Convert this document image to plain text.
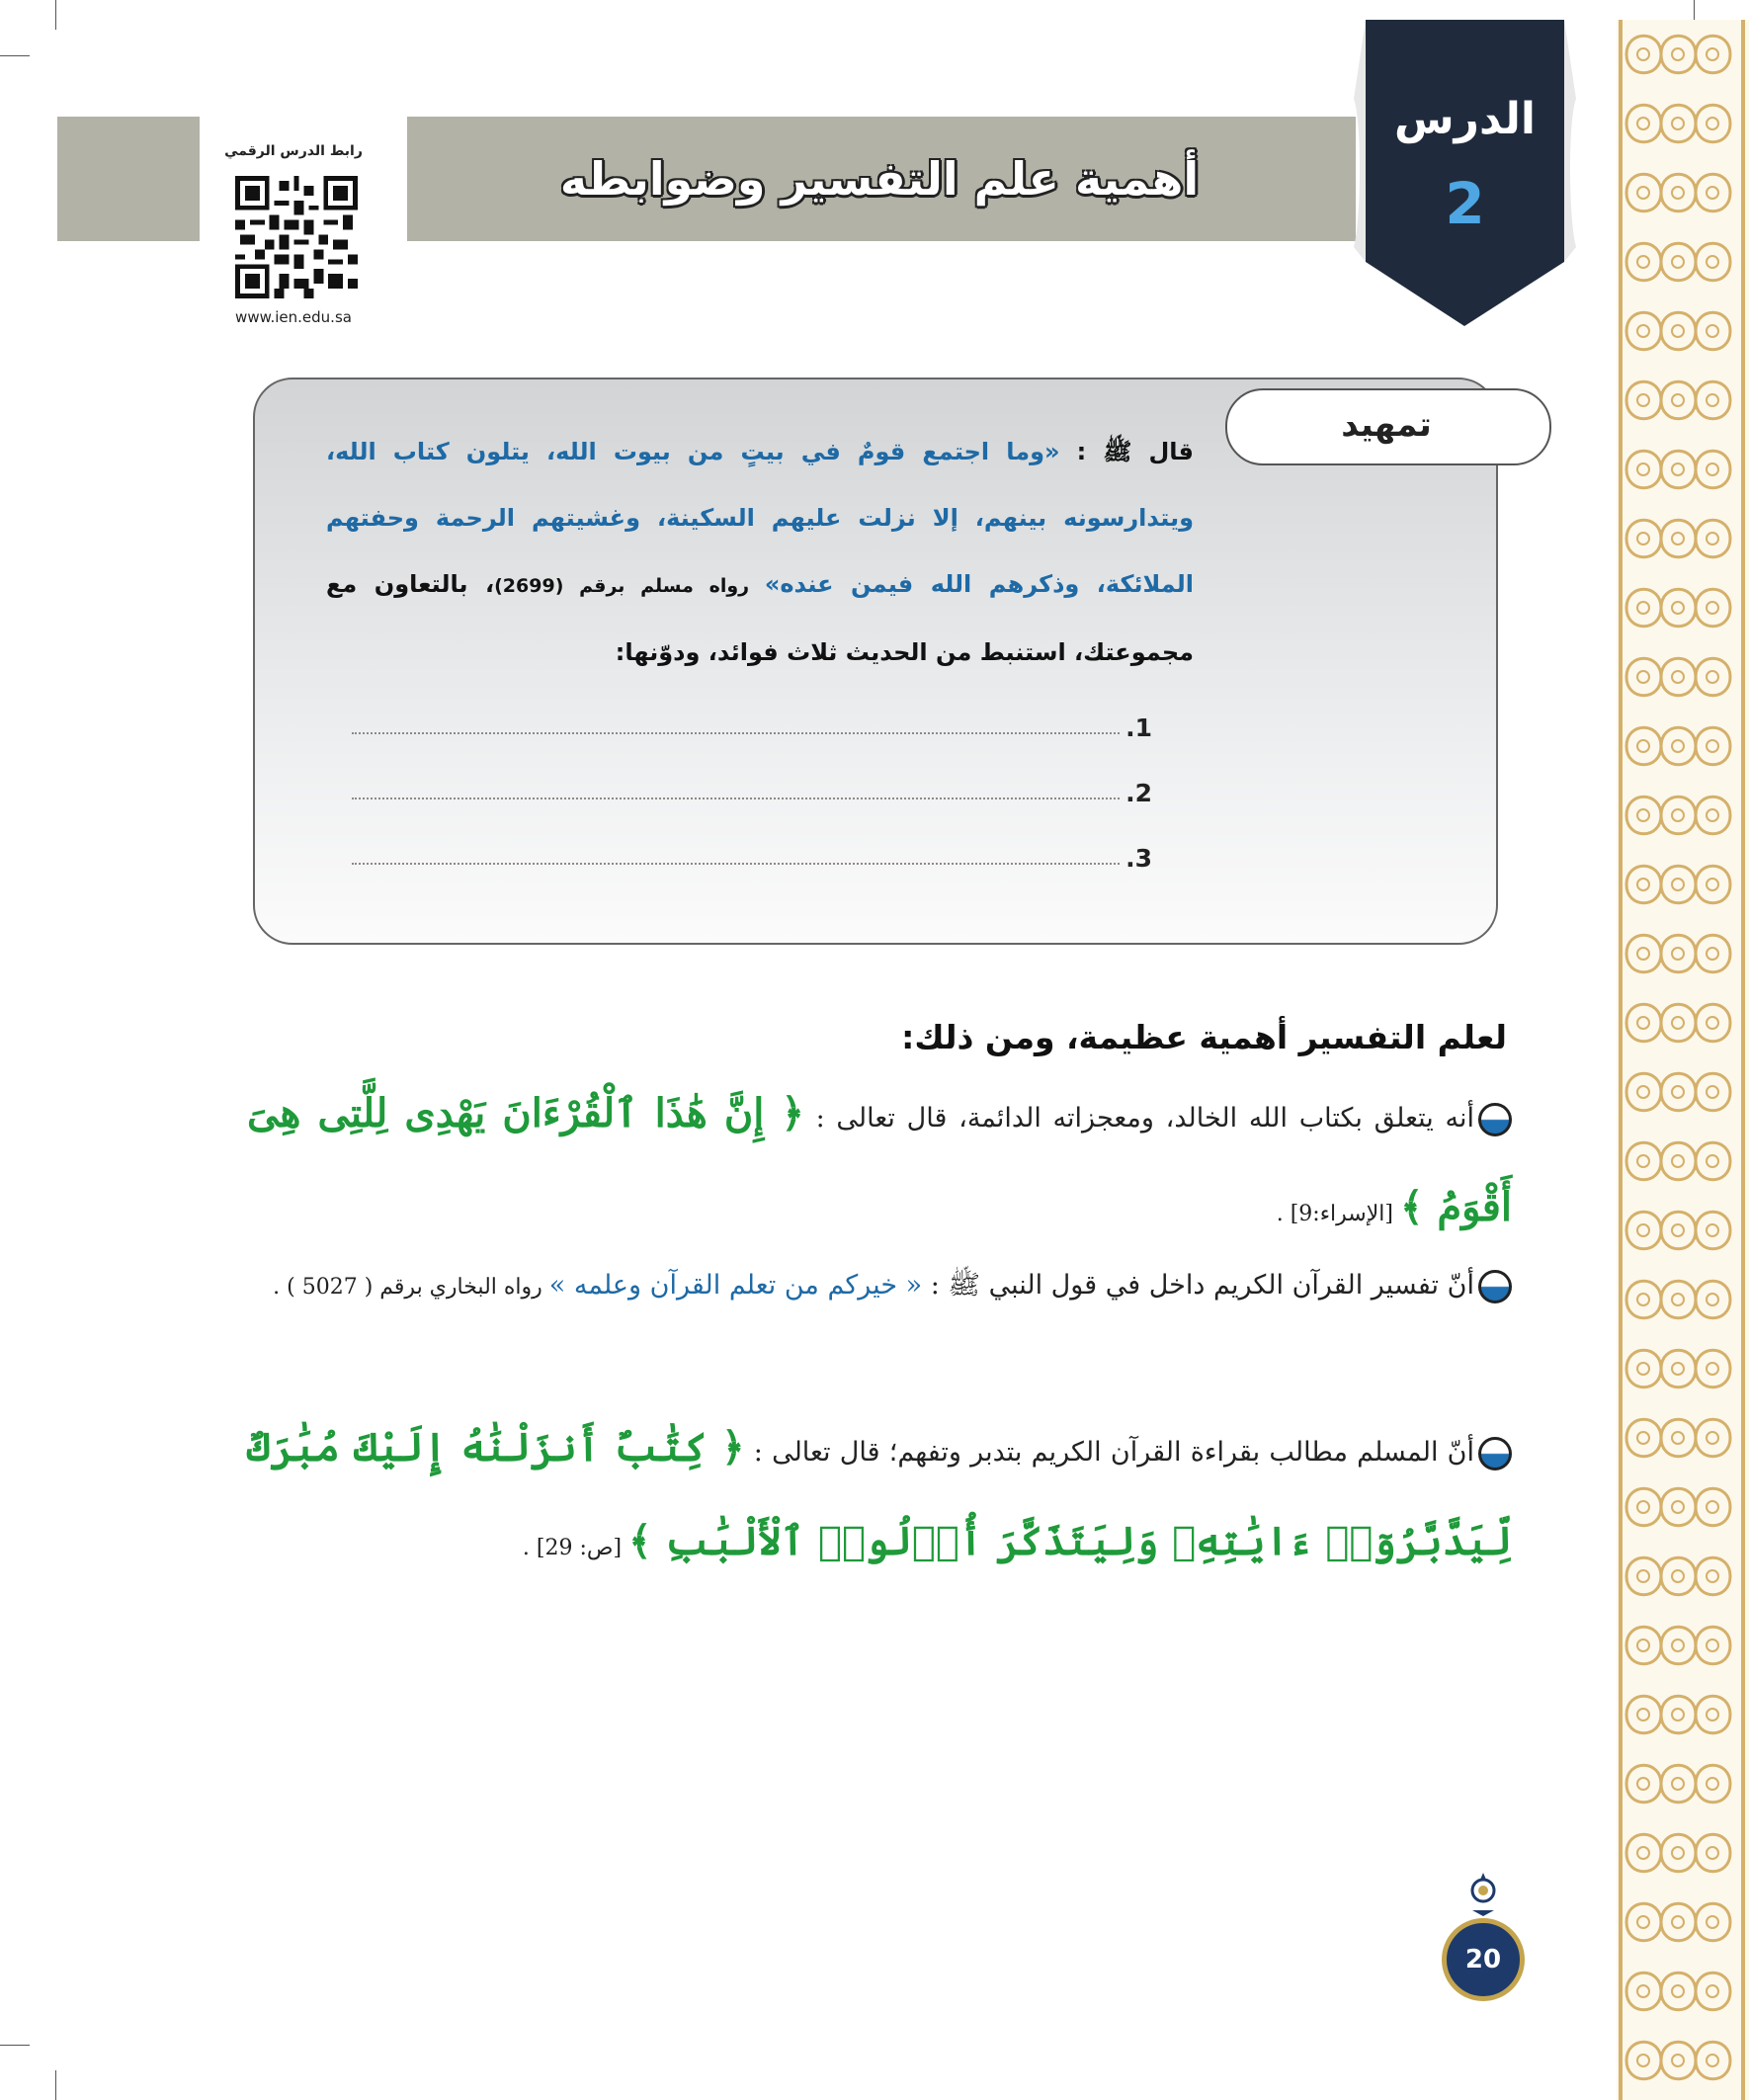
أهمية علم التفسير وضوابطه
الدرس
2
رابط الدرس الرقمي
www.ien.edu.sa
تمهيد
قال ﷺ : «وما اجتمع قومٌ في بيتٍ من بيوت الله، يتلون كتاب الله، ويتدارسونه بينهم، إلا نزلت عليهم السكينة، وغشيتهم الرحمة وحفتهم الملائكة، وذكرهم الله فيمن عنده» رواه مسلم برقم (2699)، بالتعاون مع مجموعتك، استنبط من الحديث ثلاث فوائد، ودوّنها:
1.
2.
3.
لعلم التفسير أهمية عظيمة، ومن ذلك:
أنه يتعلق بكتاب الله الخالد، ومعجزاته الدائمة، قال تعالى : ﴿ إِنَّ هَٰذَا ٱلْقُرْءَانَ يَهْدِى لِلَّتِى هِىَ أَقْوَمُ ﴾ [الإسراء:9] .
أنّ تفسير القرآن الكريم داخل في قول النبي ﷺ : « خيركم من تعلم القرآن وعلمه » رواه البخاري برقم ( 5027 ) .
أنّ المسلم مطالب بقراءة القرآن الكريم بتدبر وتفهم؛ قال تعالى : ﴿ كِتَٰبٌ أَنزَلْنَٰهُ إِلَيْكَ مُبَٰرَكٌ لِّيَدَّبَّرُوٓا۟ ءَايَٰتِهِۦ وَلِيَتَذَكَّرَ أُو۟لُوا۟ ٱلْأَلْبَٰبِ ﴾ [ص: 29] .
20
